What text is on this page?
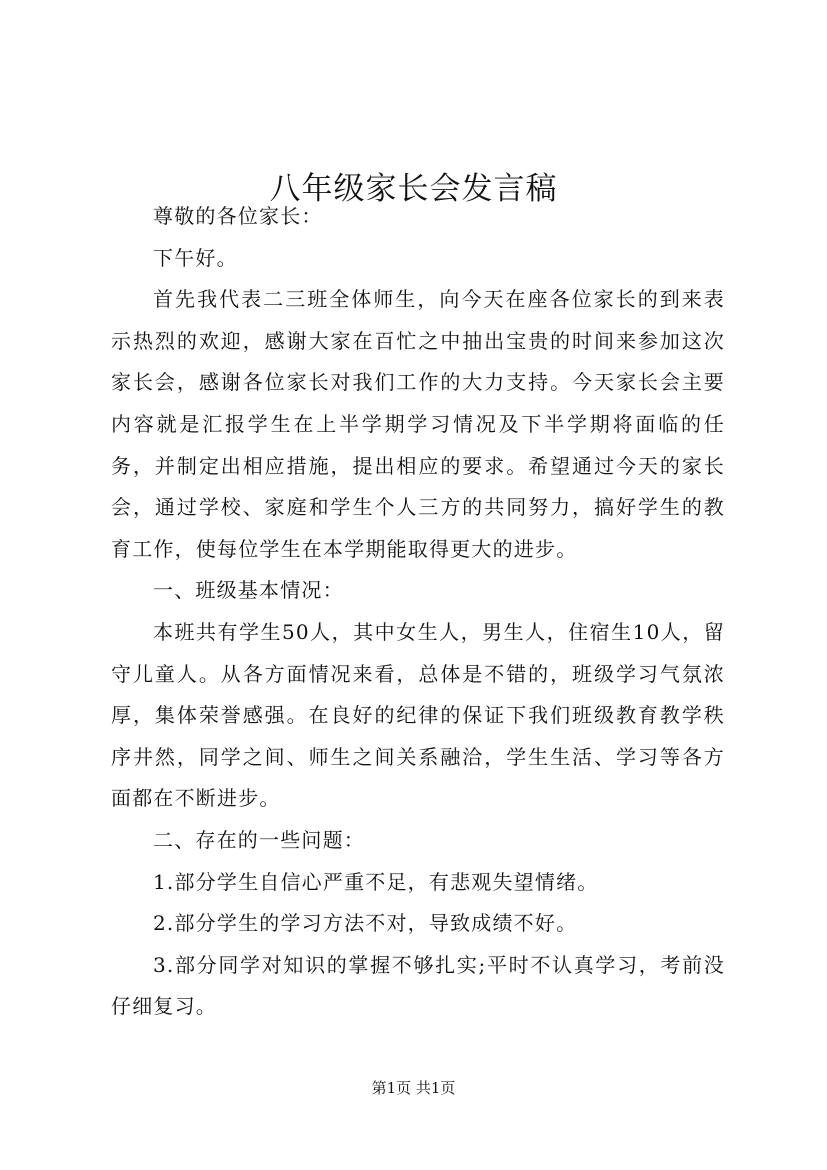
八年级家长会发言稿

尊敬的各位家长：

下午好。

首先我代表二三班全体师生，向今天在座各位家长的到来表示热烈的欢迎，感谢大家在百忙之中抽出宝贵的时间来参加这次家长会，感谢各位家长对我们工作的大力支持。今天家长会主要内容就是汇报学生在上半学期学习情况及下半学期将面临的任务，并制定出相应措施，提出相应的要求。希望通过今天的家长会，通过学校、家庭和学生个人三方的共同努力，搞好学生的教育工作，使每位学生在本学期能取得更大的进步。

一、班级基本情况：

本班共有学生50人，其中女生人，男生人，住宿生10人，留守儿童人。从各方面情况来看，总体是不错的，班级学习气氛浓厚，集体荣誉感强。在良好的纪律的保证下我们班级教育教学秩序井然，同学之间、师生之间关系融洽，学生生活、学习等各方面都在不断进步。

二、存在的一些问题：

1.部分学生自信心严重不足，有悲观失望情绪。

2.部分学生的学习方法不对，导致成绩不好。

3.部分同学对知识的掌握不够扎实;平时不认真学习，考前没仔细复习。

第1页 共1页
